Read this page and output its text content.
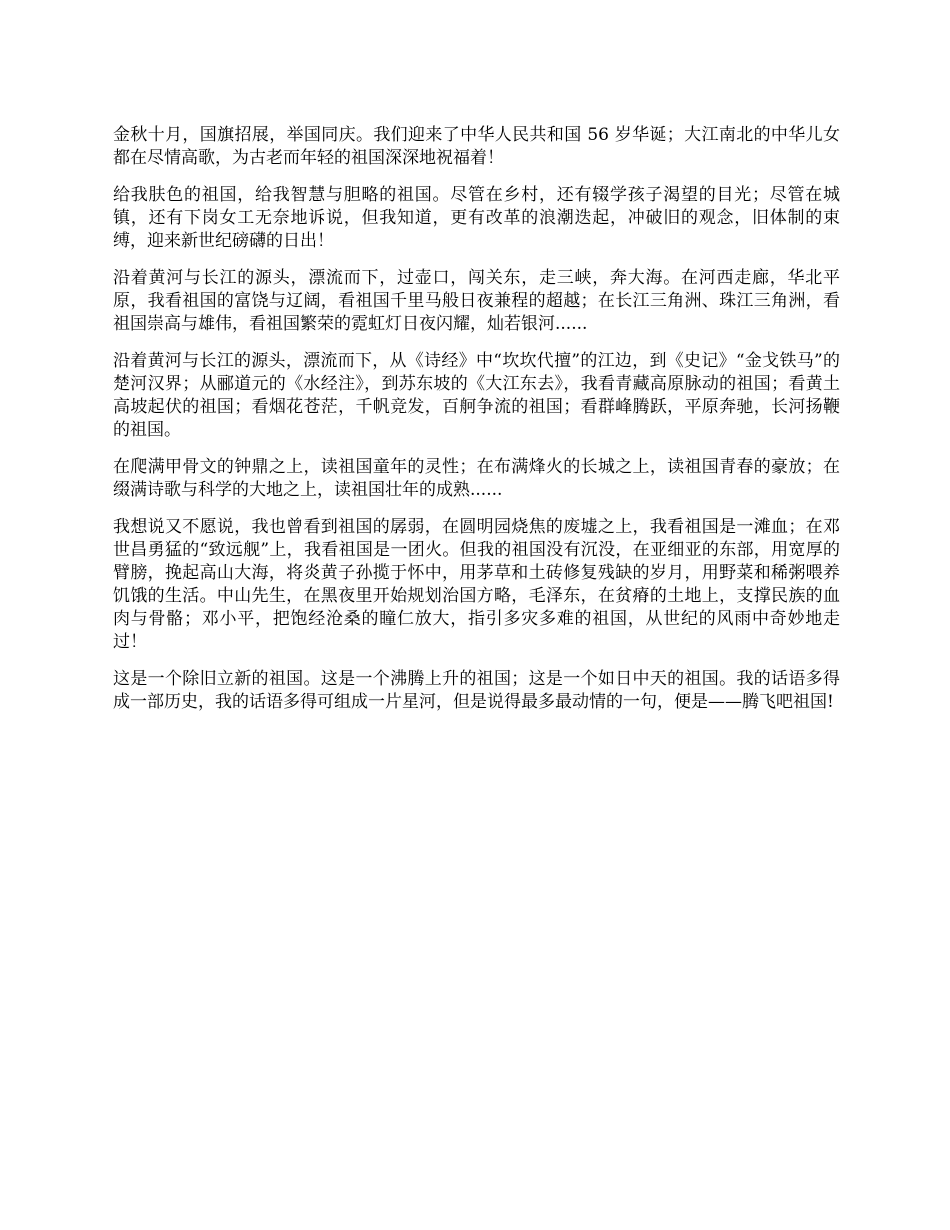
金秋十月，国旗招展，举国同庆。我们迎来了中华人民共和国 56 岁华诞；大江南北的中华儿女都在尽情高歌，为古老而年轻的祖国深深地祝福着！

给我肤色的祖国，给我智慧与胆略的祖国。尽管在乡村，还有辍学孩子渴望的目光；尽管在城镇，还有下岗女工无奈地诉说，但我知道，更有改革的浪潮迭起，冲破旧的观念，旧体制的束缚，迎来新世纪磅礴的日出！

沿着黄河与长江的源头，漂流而下，过壶口，闯关东，走三峡，奔大海。在河西走廊，华北平原，我看祖国的富饶与辽阔，看祖国千里马般日夜兼程的超越；在长江三角洲、珠江三角洲，看祖国崇高与雄伟，看祖国繁荣的霓虹灯日夜闪耀，灿若银河......

沿着黄河与长江的源头，漂流而下，从《诗经》中“坎坎代擅”的江边，到《史记》“金戈铁马”的楚河汉界；从郦道元的《水经注》，到苏东坡的《大江东去》，我看青藏高原脉动的祖国；看黄土高坡起伏的祖国；看烟花苍茫，千帆竞发，百舸争流的祖国；看群峰腾跃，平原奔驰，长河扬鞭的祖国。

在爬满甲骨文的钟鼎之上，读祖国童年的灵性；在布满烽火的长城之上，读祖国青春的豪放；在缀满诗歌与科学的大地之上，读祖国壮年的成熟......

我想说又不愿说，我也曾看到祖国的孱弱，在圆明园烧焦的废墟之上，我看祖国是一滩血；在邓世昌勇猛的“致远舰”上，我看祖国是一团火。但我的祖国没有沉没，在亚细亚的东部，用宽厚的臂膀，挽起高山大海，将炎黄子孙揽于怀中，用茅草和土砖修复残缺的岁月，用野菜和稀粥喂养饥饿的生活。中山先生，在黑夜里开始规划治国方略，毛泽东，在贫瘠的土地上，支撑民族的血肉与骨骼；邓小平，把饱经沧桑的瞳仁放大，指引多灾多难的祖国，从世纪的风雨中奇妙地走过！

这是一个除旧立新的祖国。这是一个沸腾上升的祖国；这是一个如日中天的祖国。我的话语多得成一部历史，我的话语多得可组成一片星河，但是说得最多最动情的一句，便是——腾飞吧祖国!
